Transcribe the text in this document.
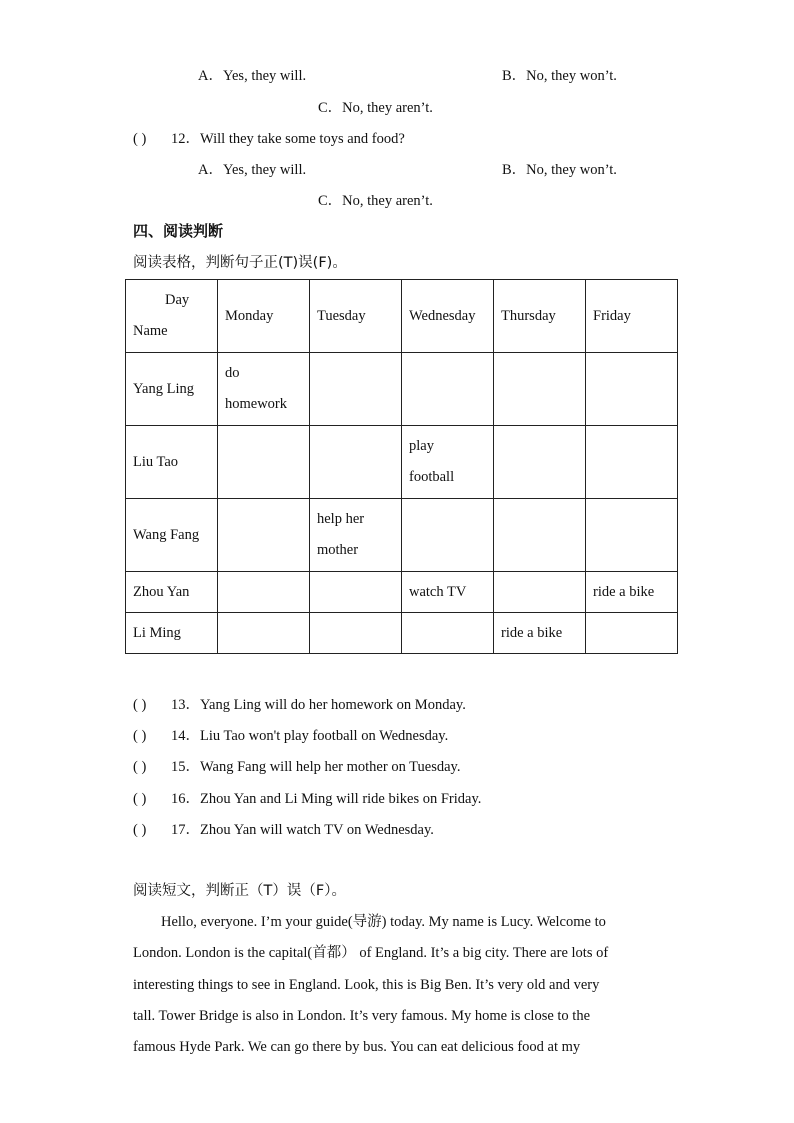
A．Yes, they will.	B．No, they won’t.
C．No, they aren’t.
( ) 12．Will they take some toys and food?
A．Yes, they will.	B．No, they won’t.
C．No, they aren’t.
四、阅读判断
阅读表格，判断句子正(T)误(F)。
Day
Name	Monday	Tuesday	Wednesday	Thursday	Friday
Yang Ling	do homework				

Liu Tao			play football		

Wang Fang		help her mother			

Zhou Yan			watch TV		ride a bike
Li Ming				ride a bike	
( ) 13．Yang Ling will do her homework on Monday.
( ) 14．Liu Tao won't play football on Wednesday.
( ) 15．Wang Fang will help her mother on Tuesday.
( ) 16．Zhou Yan and Li Ming will ride bikes on Friday.
( ) 17．Zhou Yan will watch TV on Wednesday.
阅读短文，判断正（T）误（F）。
Hello, everyone. I’m your guide(导游) today. My name is Lucy. Welcome to
London. London is the capital(首都） of England. It’s a big city. There are lots of
interesting things to see in England. Look, this is Big Ben. It’s very old and very
tall. Tower Bridge is also in London. It’s very famous. My home is close to the
famous Hyde Park. We can go there by bus. You can eat delicious food at my
